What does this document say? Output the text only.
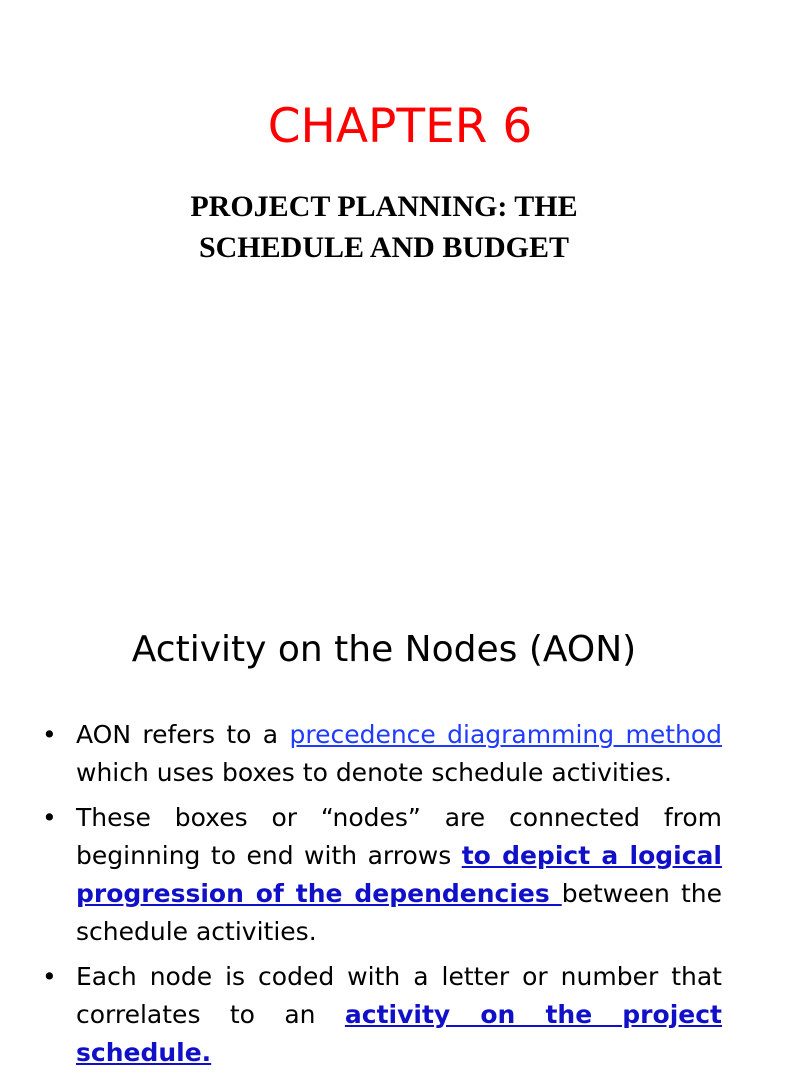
CHAPTER 6
PROJECT PLANNING: THE
SCHEDULE AND BUDGET
Activity on the Nodes (AON)
• AON refers to a precedence diagramming method which uses boxes to denote schedule activities.
• These boxes or “nodes” are connected from beginning to end with arrows to depict a logical progression of the dependencies between the schedule activities.
• Each node is coded with a letter or number that correlates to an activity on the project schedule.
